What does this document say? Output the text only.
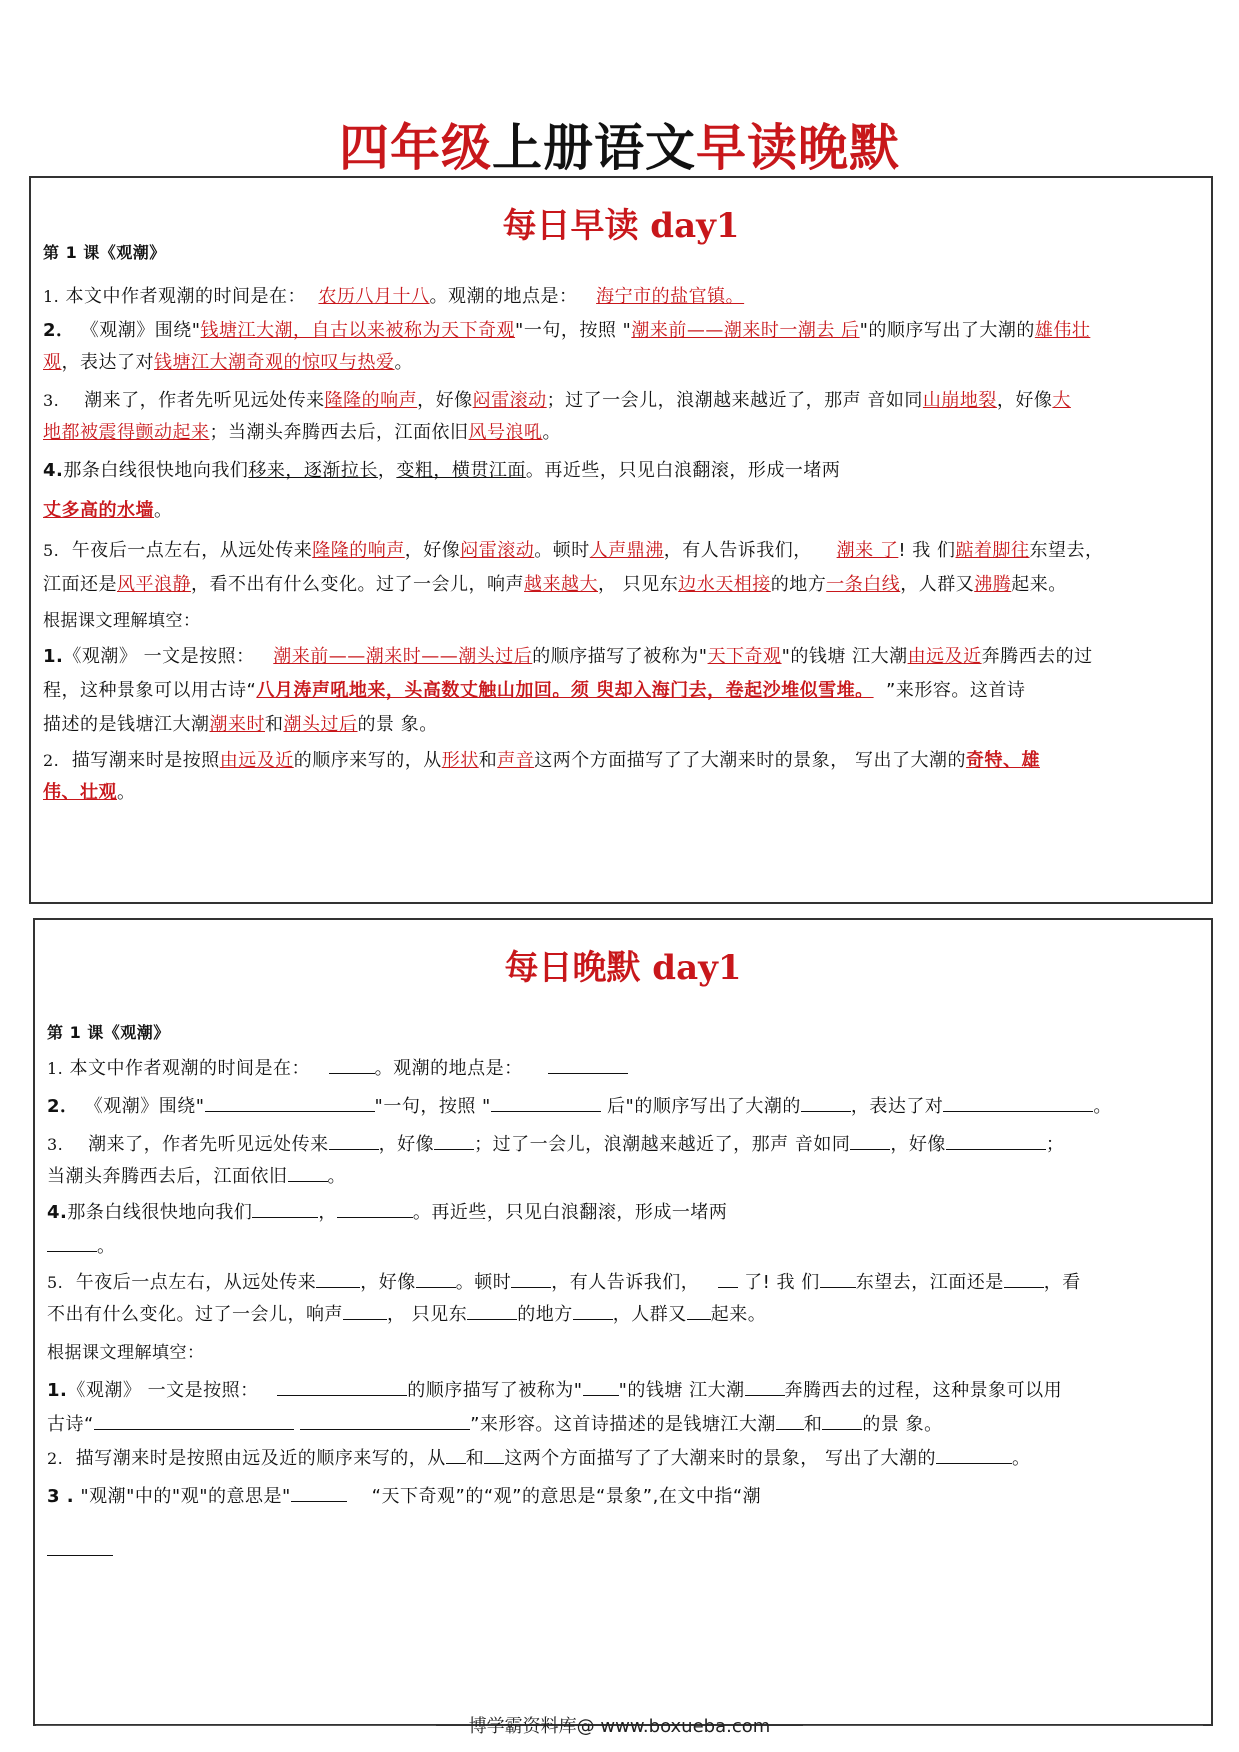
四年级上册语文早读晚默
每日早读 day1
第 1 课《观潮》
1. 本文中作者观潮的时间是在： 农历八月十八。观潮的地点是： 海宁市的盐官镇。
2． 《观潮》围绕"钱塘江大潮，自古以来被称为天下奇观"一句，按照 "潮来前——潮来时一潮去 后"的顺序写出了大潮的雄伟壮
观，表达了对钱塘江大潮奇观的惊叹与热爱。
3. 潮来了，作者先听见远处传来隆隆的响声，好像闷雷滚动；过了一会儿，浪潮越来越近了，那声 音如同山崩地裂，好像大
地都被震得颤动起来；当潮头奔腾西去后，江面依旧风号浪吼。
4.那条白线很快地向我们移来，逐渐拉长，变粗，横贯江面。再近些，只见白浪翻滚，形成一堵两
丈多高的水墙。
5. 午夜后一点左右，从远处传来隆隆的响声，好像闷雷滚动。顿时人声鼎沸，有人告诉我们， 潮来 了! 我 们踮着脚往东望去，
江面还是风平浪静，看不出有什么变化。过了一会儿，响声越来越大， 只见东边水天相接的地方一条白线，人群又沸腾起来。
根据课文理解填空：
1.《观潮》 一文是按照： 潮来前——潮来时——潮头过后的顺序描写了被称为"天下奇观"的钱塘 江大潮由远及近奔腾西去的过
程，这种景象可以用古诗“八月涛声吼地来，头高数丈触山加回。须 臾却入海门去，卷起沙堆似雪堆。 ”来形容。这首诗
描述的是钱塘江大潮潮来时和潮头过后的景 象。
2. 描写潮来时是按照由远及近的顺序来写的，从形状和声音这两个方面描写了了大潮来时的景象， 写出了大潮的奇特、雄
伟、壮观。
每日晚默 day1
第 1 课《观潮》
1. 本文中作者观潮的时间是在：	。观潮的地点是：
2． 《观潮》围绕"	"一句，按照 "	后"的顺序写出了大潮的	，表达了对	。
3. 潮来了，作者先听见远处传来	，好像 ；过了一会儿，浪潮越来越近了，那声 音如同 ，好像	；
当潮头奔腾西去后，江面依旧 。
4.那条白线很快地向我们	，	。再近些，只见白浪翻滚，形成一堵两
。
5. 午夜后一点左右，从远处传来 ，好像 。顿时 ，有人告诉我们， 了! 我 们 东望去，江面还是 ，看
不出有什么变化。过了一会儿，响声 ， 只见东	的地方 ，人群又 起来。
根据课文理解填空：
1.《观潮》 一文是按照：	的顺序描写了被称为" "的钱塘 江大潮 奔腾西去的过程，这种景象可以用
古诗“	”来形容。这首诗描述的是钱塘江大潮 和 的景 象。
2. 描写潮来时是按照由远及近的顺序来写的，从 和 这两个方面描写了了大潮来时的景象， 写出了大潮的	。
3 . "观潮"中的"观"的意思是"	“天下奇观”的“观”的意思是“景象”,在文中指“潮
博学霸资料库@ www.boxueba.com
